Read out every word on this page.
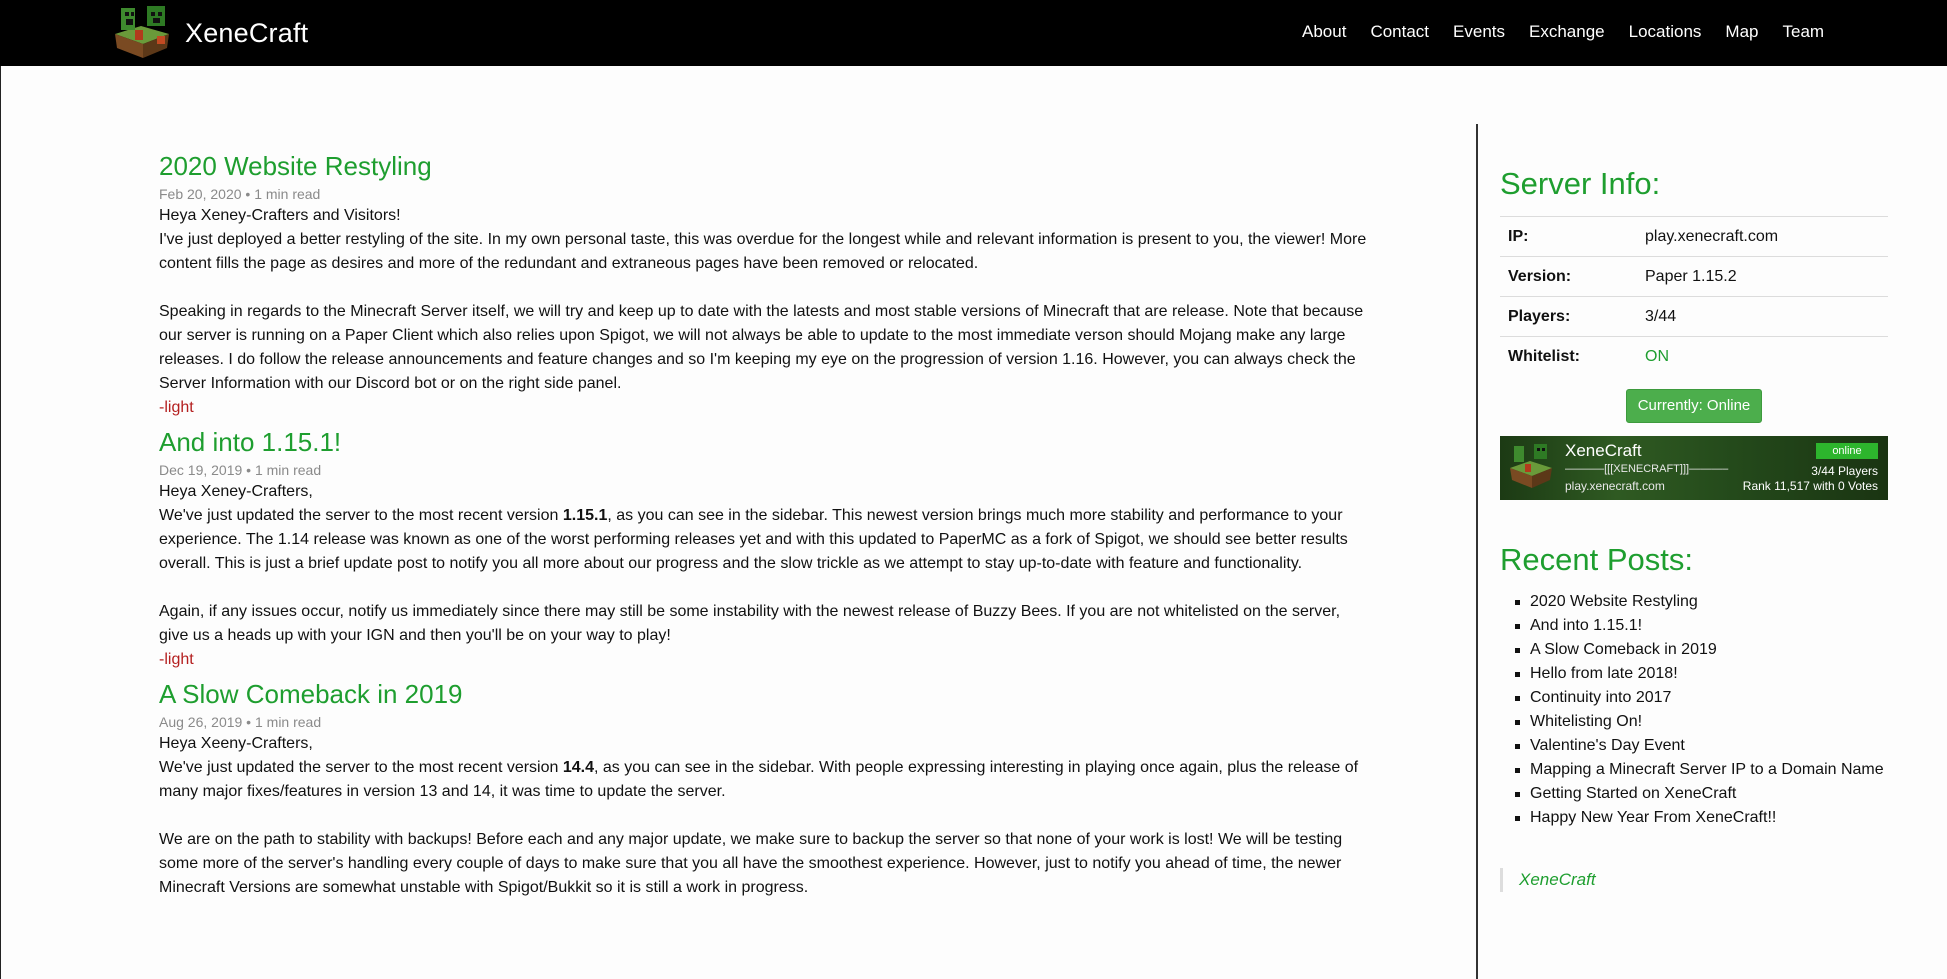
XeneCraft	About Contact Events Exchange Locations Map Team
2020 Website Restyling
Feb 20, 2020 • 1 min read

Heya Xeney-Crafters and Visitors!

I've just deployed a better restyling of the site. In my own personal taste, this was overdue for the longest while and relevant information is present to you, the viewer! More content fills the page as desires and more of the redundant and extraneous pages have been removed or relocated.

Speaking in regards to the Minecraft Server itself, we will try and keep up to date with the latests and most stable versions of Minecraft that are release. Note that because our server is running on a Paper Client which also relies upon Spigot, we will not always be able to update to the most immediate verson should Mojang make any large releases. I do follow the release announcements and feature changes and so I'm keeping my eye on the progression of version 1.16. However, you can always check the Server Information with our Discord bot or on the right side panel.

-light
And into 1.15.1!
Dec 19, 2019 • 1 min read

Heya Xeney-Crafters,

We've just updated the server to the most recent version 1.15.1, as you can see in the sidebar. This newest version brings much more stability and performance to your experience. The 1.14 release was known as one of the worst performing releases yet and with this updated to PaperMC as a fork of Spigot, we should see better results overall. This is just a brief update post to notify you all more about our progress and the slow trickle as we attempt to stay up-to-date with feature and functionality.

Again, if any issues occur, notify us immediately since there may still be some instability with the newest release of Buzzy Bees. If you are not whitelisted on the server, give us a heads up with your IGN and then you'll be on your way to play!

-light
A Slow Comeback in 2019
Aug 26, 2019 • 1 min read

Heya Xeeny-Crafters,

We've just updated the server to the most recent version 14.4, as you can see in the sidebar. With people expressing interesting in playing once again, plus the release of many major fixes/features in version 13 and 14, it was time to update the server.

We are on the path to stability with backups! Before each and any major update, we make sure to backup the server so that none of your work is lost! We will be testing some more of the server's handling every couple of days to make sure that you all have the smoothest experience. However, just to notify you ahead of time, the newer Minecraft Versions are somewhat unstable with Spigot/Bukkit so it is still a work in progress.

Server Info:
IP:	play.xenecraft.com
Version:	Paper 1.15.2
Players:	3/44
Whitelist:	ON
Currently: Online
XeneCraft
———–[[[XENECRAFT]]]———–
play.xenecraft.com
online
3/44 Players
Rank 11,517 with 0 Votes
Recent Posts:
2020 Website Restyling
And into 1.15.1!
A Slow Comeback in 2019
Hello from late 2018!
Continuity into 2017
Whitelisting On!
Valentine's Day Event
Mapping a Minecraft Server IP to a Domain Name
Getting Started on XeneCraft
Happy New Year From XeneCraft!!
XeneCraft
